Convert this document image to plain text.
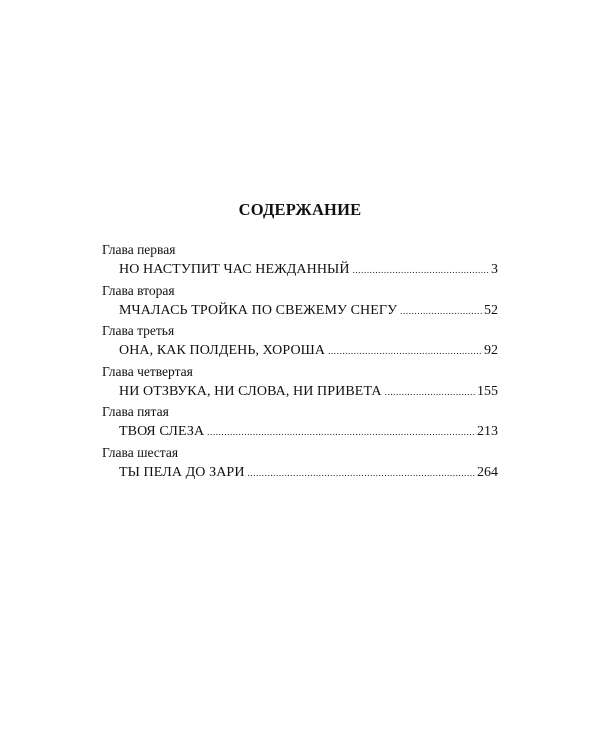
СОДЕРЖАНИЕ
Глава первая
НО НАСТУПИТ ЧАС НЕЖДАННЫЙ .....	3
Глава вторая
МЧАЛАСЬ ТРОЙКА ПО СВЕЖЕМУ СНЕГУ .....	52
Глава третья
ОНА, КАК ПОЛДЕНЬ, ХОРОША .....	92
Глава четвертая
НИ ОТЗВУКА, НИ СЛОВА, НИ ПРИВЕТА .....	155
Глава пятая
ТВОЯ СЛЕЗА .....	213
Глава шестая
ТЫ ПЕЛА ДО ЗАРИ .....	264
